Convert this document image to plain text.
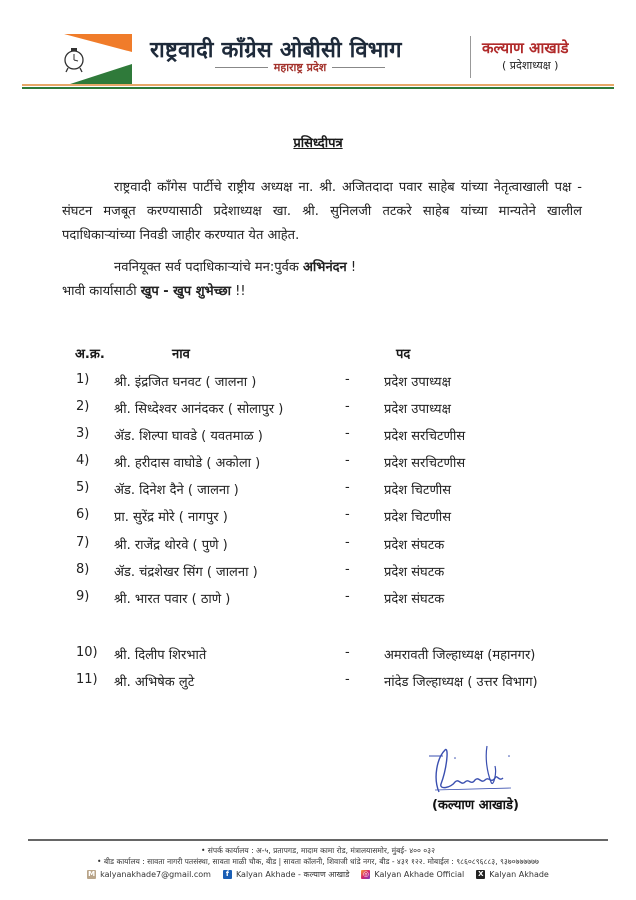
राष्ट्रवादी काँग्रेस ओबीसी विभाग
महाराष्ट्र प्रदेश
कल्याण आखाडे
( प्रदेशाध्यक्ष )
प्रसिध्दीपत्र
राष्ट्रवादी कॉंगेस पार्टीचे राष्ट्रीय अध्यक्ष ना. श्री. अजितदादा पवार साहेब यांच्या नेतृत्वाखाली पक्ष - संघटन मजबूत करण्यासाठी प्रदेशाध्यक्ष खा. श्री. सुनिलजी तटकरे साहेब यांच्या मान्यतेने खालील पदाधिकाऱ्यांच्या निवडी जाहीर करण्यात येत आहेत.
नवनियूक्त सर्व पदाधिकाऱ्यांचे मन:पुर्वक अभिनंदन !
भावी कार्यासाठी खुप - खुप शुभेच्छा !!
अ.क्र.	नाव	पद
1) श्री. इंद्रजित घनवट ( जालना )	-	प्रदेश उपाध्यक्ष
2) श्री. सिध्देश्वर आनंदकर ( सोलापुर )	-	प्रदेश उपाध्यक्ष
3) ॲड. शिल्पा घावडे ( यवतमाळ )	-	प्रदेश सरचिटणीस
4) श्री. हरीदास वाघोडे ( अकोला )	-	प्रदेश सरचिटणीस
5) ॲड. दिनेश दैने ( जालना )	-	प्रदेश चिटणीस
6) प्रा. सुरेंद्र मोरे ( नागपुर )	-	प्रदेश चिटणीस
7) श्री. राजेंद्र थोरवे ( पुणे )	-	प्रदेश संघटक
8) ॲड. चंद्रशेखर सिंग ( जालना )	-	प्रदेश संघटक
9) श्री. भारत पवार ( ठाणे )	-	प्रदेश संघटक
10) श्री. दिलीप शिरभाते	-	अमरावती जिल्हाध्यक्ष (महानगर)
11) श्री. अभिषेक लुटे	-	नांदेड जिल्हाध्यक्ष ( उत्तर विभाग)
(कल्याण आखाडे)
• संपर्क कार्यालय : अ-५, प्रतापगड, मादाम कामा रोड, मंत्रालयासमोर, मुंबई- ४०० ०३२
• बीड कार्यालय : सावता नागरी पतसंस्था, सावता माळी चौक, बीड | सावता कॉलनी, शिवाजी धांडे नगर, बीड - ४३१ १२२. मोबाईल : ९८६०८९६८८३, ९३७०७७७७७७
M kalyanakhade7@gmail.com	f Kalyan Akhade - कल्याण आखाडे ◎ Kalyan Akhade Official X Kalyan Akhade
